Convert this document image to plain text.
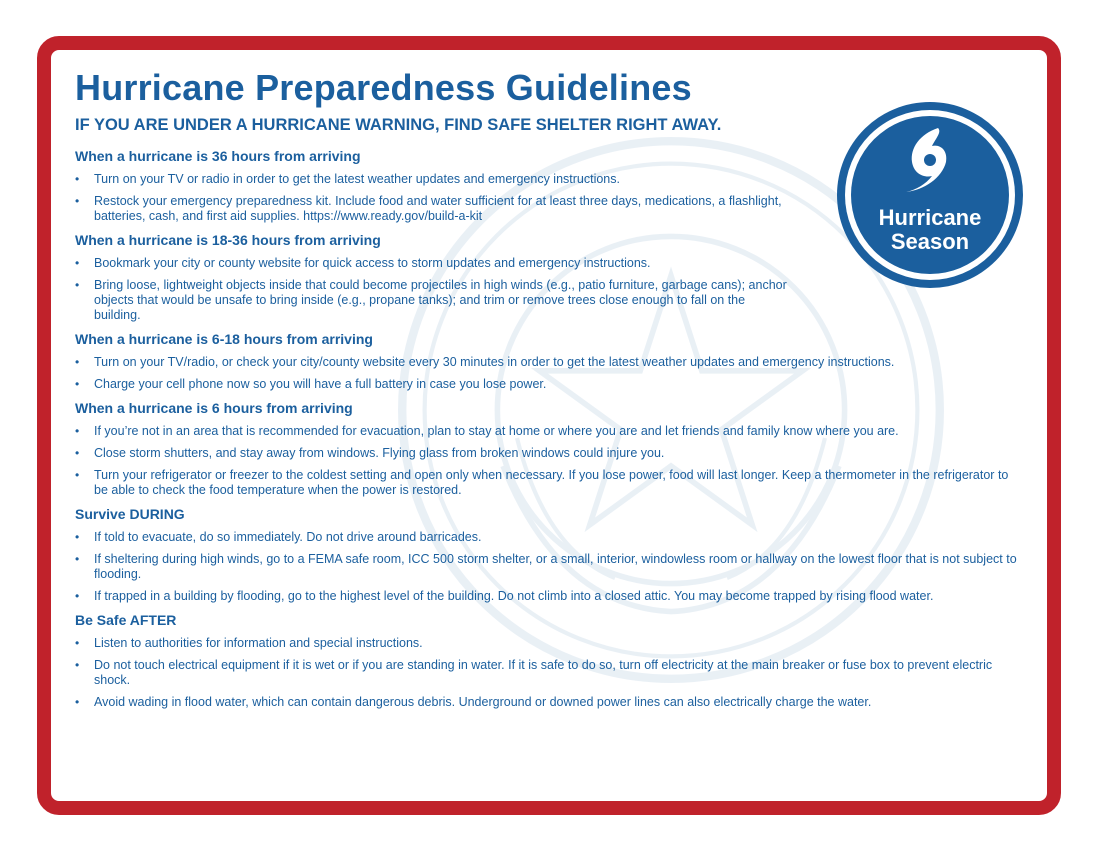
Hurricane Preparedness Guidelines
IF YOU ARE UNDER A HURRICANE WARNING, FIND SAFE SHELTER RIGHT AWAY.
When a hurricane is 36 hours from arriving
• Turn on your TV or radio in order to get the latest weather updates and emergency instructions.
• Restock your emergency preparedness kit. Include food and water sufficient for at least three days, medications, a flashlight, batteries, cash, and first aid supplies. https://www.ready.gov/build-a-kit
When a hurricane is 18-36 hours from arriving
• Bookmark your city or county website for quick access to storm updates and emergency instructions.
• Bring loose, lightweight objects inside that could become projectiles in high winds (e.g., patio furniture, garbage cans); anchor objects that would be unsafe to bring inside (e.g., propane tanks); and trim or remove trees close enough to fall on the building.
When a hurricane is 6-18 hours from arriving
• Turn on your TV/radio, or check your city/county website every 30 minutes in order to get the latest weather updates and emergency instructions.
• Charge your cell phone now so you will have a full battery in case you lose power.
When a hurricane is 6 hours from arriving
• If you’re not in an area that is recommended for evacuation, plan to stay at home or where you are and let friends and family know where you are.
• Close storm shutters, and stay away from windows. Flying glass from broken windows could injure you.
• Turn your refrigerator or freezer to the coldest setting and open only when necessary. If you lose power, food will last longer. Keep a thermometer in the refrigerator to be able to check the food temperature when the power is restored.
Survive DURING
• If told to evacuate, do so immediately. Do not drive around barricades.
• If sheltering during high winds, go to a FEMA safe room, ICC 500 storm shelter, or a small, interior, windowless room or hallway on the lowest floor that is not subject to flooding.
• If trapped in a building by flooding, go to the highest level of the building. Do not climb into a closed attic. You may become trapped by rising flood water.
Be Safe AFTER
• Listen to authorities for information and special instructions.
• Do not touch electrical equipment if it is wet or if you are standing in water. If it is safe to do so, turn off electricity at the main breaker or fuse box to prevent electric shock.
• Avoid wading in flood water, which can contain dangerous debris. Underground or downed power lines can also electrically charge the water.
Hurricane
Season
